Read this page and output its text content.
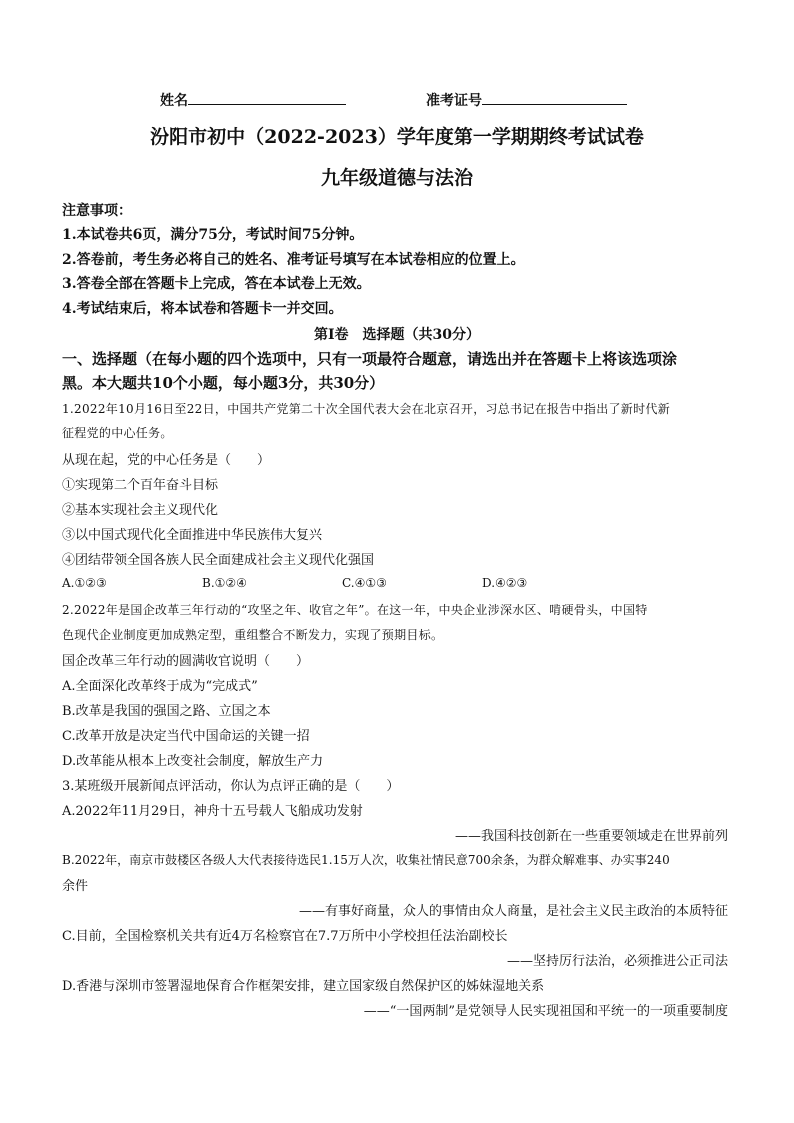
姓名	准考证号
汾阳市初中（2022-2023）学年度第一学期期终考试试卷
九年级道德与法治
注意事项：
1.本试卷共6页，满分75分，考试时间75分钟。
2.答卷前，考生务必将自己的姓名、准考证号填写在本试卷相应的位置上。
3.答卷全部在答题卡上完成，答在本试卷上无效。
4.考试结束后，将本试卷和答题卡一并交回。
第Ⅰ卷　选择题（共30分）
一、选择题（在每小题的四个选项中，只有一项最符合题意，请选出并在答题卡上将该选项涂
黑。本大题共10个小题，每小题3分，共30分）
1.2022年10月16日至22日，中国共产党第二十次全国代表大会在北京召开，习总书记在报告中指出了新时代新
征程党的中心任务。
从现在起，党的中心任务是（　　）
①实现第二个百年奋斗目标
②基本实现社会主义现代化
③以中国式现代化全面推进中华民族伟大复兴
④团结带领全国各族人民全面建成社会主义现代化强国
A.①②③	B.①②④	C.④①③	D.④②③
2.2022年是国企改革三年行动的“攻坚之年、收官之年”。在这一年，中央企业涉深水区、啃硬骨头，中国特
色现代企业制度更加成熟定型，重组整合不断发力，实现了预期目标。
国企改革三年行动的圆满收官说明（　　）
A.全面深化改革终于成为“完成式”
B.改革是我国的强国之路、立国之本
C.改革开放是决定当代中国命运的关键一招
D.改革能从根本上改变社会制度，解放生产力
3.某班级开展新闻点评活动，你认为点评正确的是（　　）
A.2022年11月29日，神舟十五号载人飞船成功发射
——我国科技创新在一些重要领域走在世界前列
B.2022年，南京市鼓楼区各级人大代表接待选民1.15万人次，收集社情民意700余条，为群众解难事、办实事240
余件
——有事好商量，众人的事情由众人商量，是社会主义民主政治的本质特征
C.目前，全国检察机关共有近4万名检察官在7.7万所中小学校担任法治副校长
——坚持厉行法治，必须推进公正司法
D.香港与深圳市签署湿地保育合作框架安排，建立国家级自然保护区的姊妹湿地关系
——“一国两制”是党领导人民实现祖国和平统一的一项重要制度
